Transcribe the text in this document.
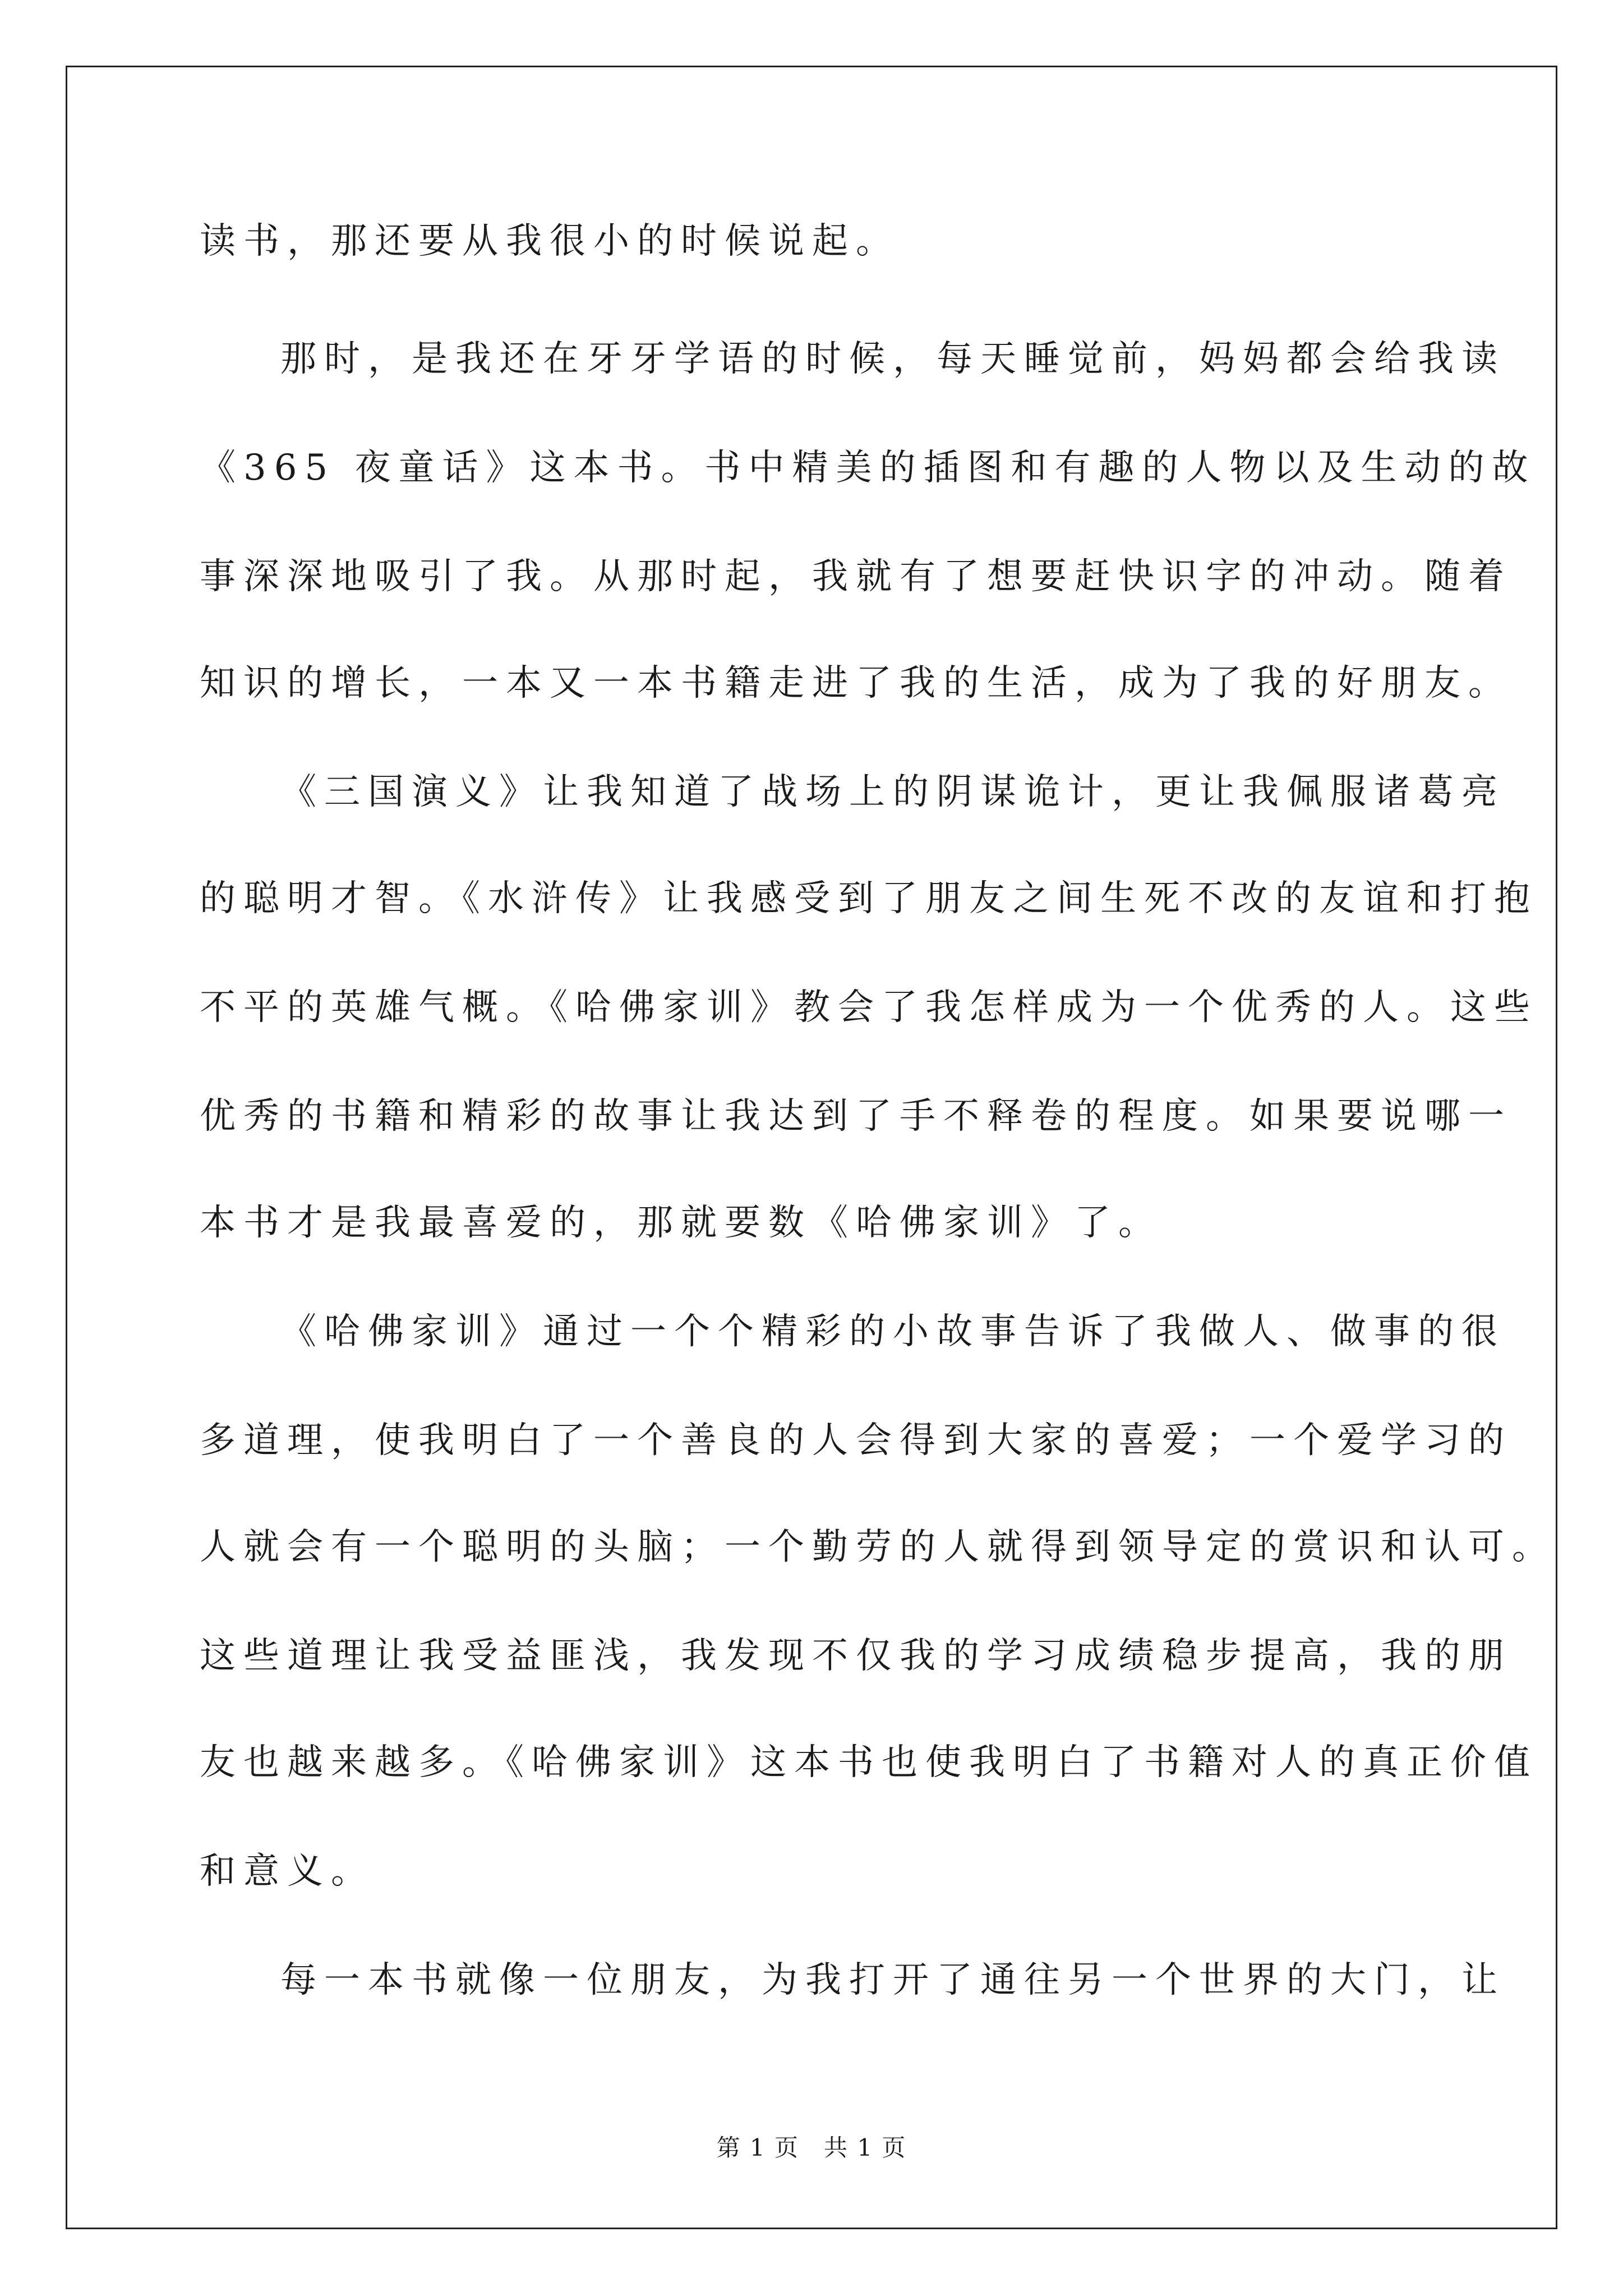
读书，那还要从我很小的时候说起。
那时，是我还在牙牙学语的时候，每天睡觉前，妈妈都会给我读
《365 夜童话》这本书。书中精美的插图和有趣的人物以及生动的故
事深深地吸引了我。从那时起，我就有了想要赶快识字的冲动。随着
知识的增长，一本又一本书籍走进了我的生活，成为了我的好朋友。
《三国演义》让我知道了战场上的阴谋诡计，更让我佩服诸葛亮
的聪明才智。《水浒传》让我感受到了朋友之间生死不改的友谊和打抱
不平的英雄气概。《哈佛家训》教会了我怎样成为一个优秀的人。这些
优秀的书籍和精彩的故事让我达到了手不释卷的程度。如果要说哪一
本书才是我最喜爱的，那就要数《哈佛家训》了。
《哈佛家训》通过一个个精彩的小故事告诉了我做人、做事的很
多道理，使我明白了一个善良的人会得到大家的喜爱；一个爱学习的
人就会有一个聪明的头脑；一个勤劳的人就得到领导定的赏识和认可。
这些道理让我受益匪浅，我发现不仅我的学习成绩稳步提高，我的朋
友也越来越多。《哈佛家训》这本书也使我明白了书籍对人的真正价值
和意义。
每一本书就像一位朋友，为我打开了通往另一个世界的大门，让
第 1 页　共 1 页
